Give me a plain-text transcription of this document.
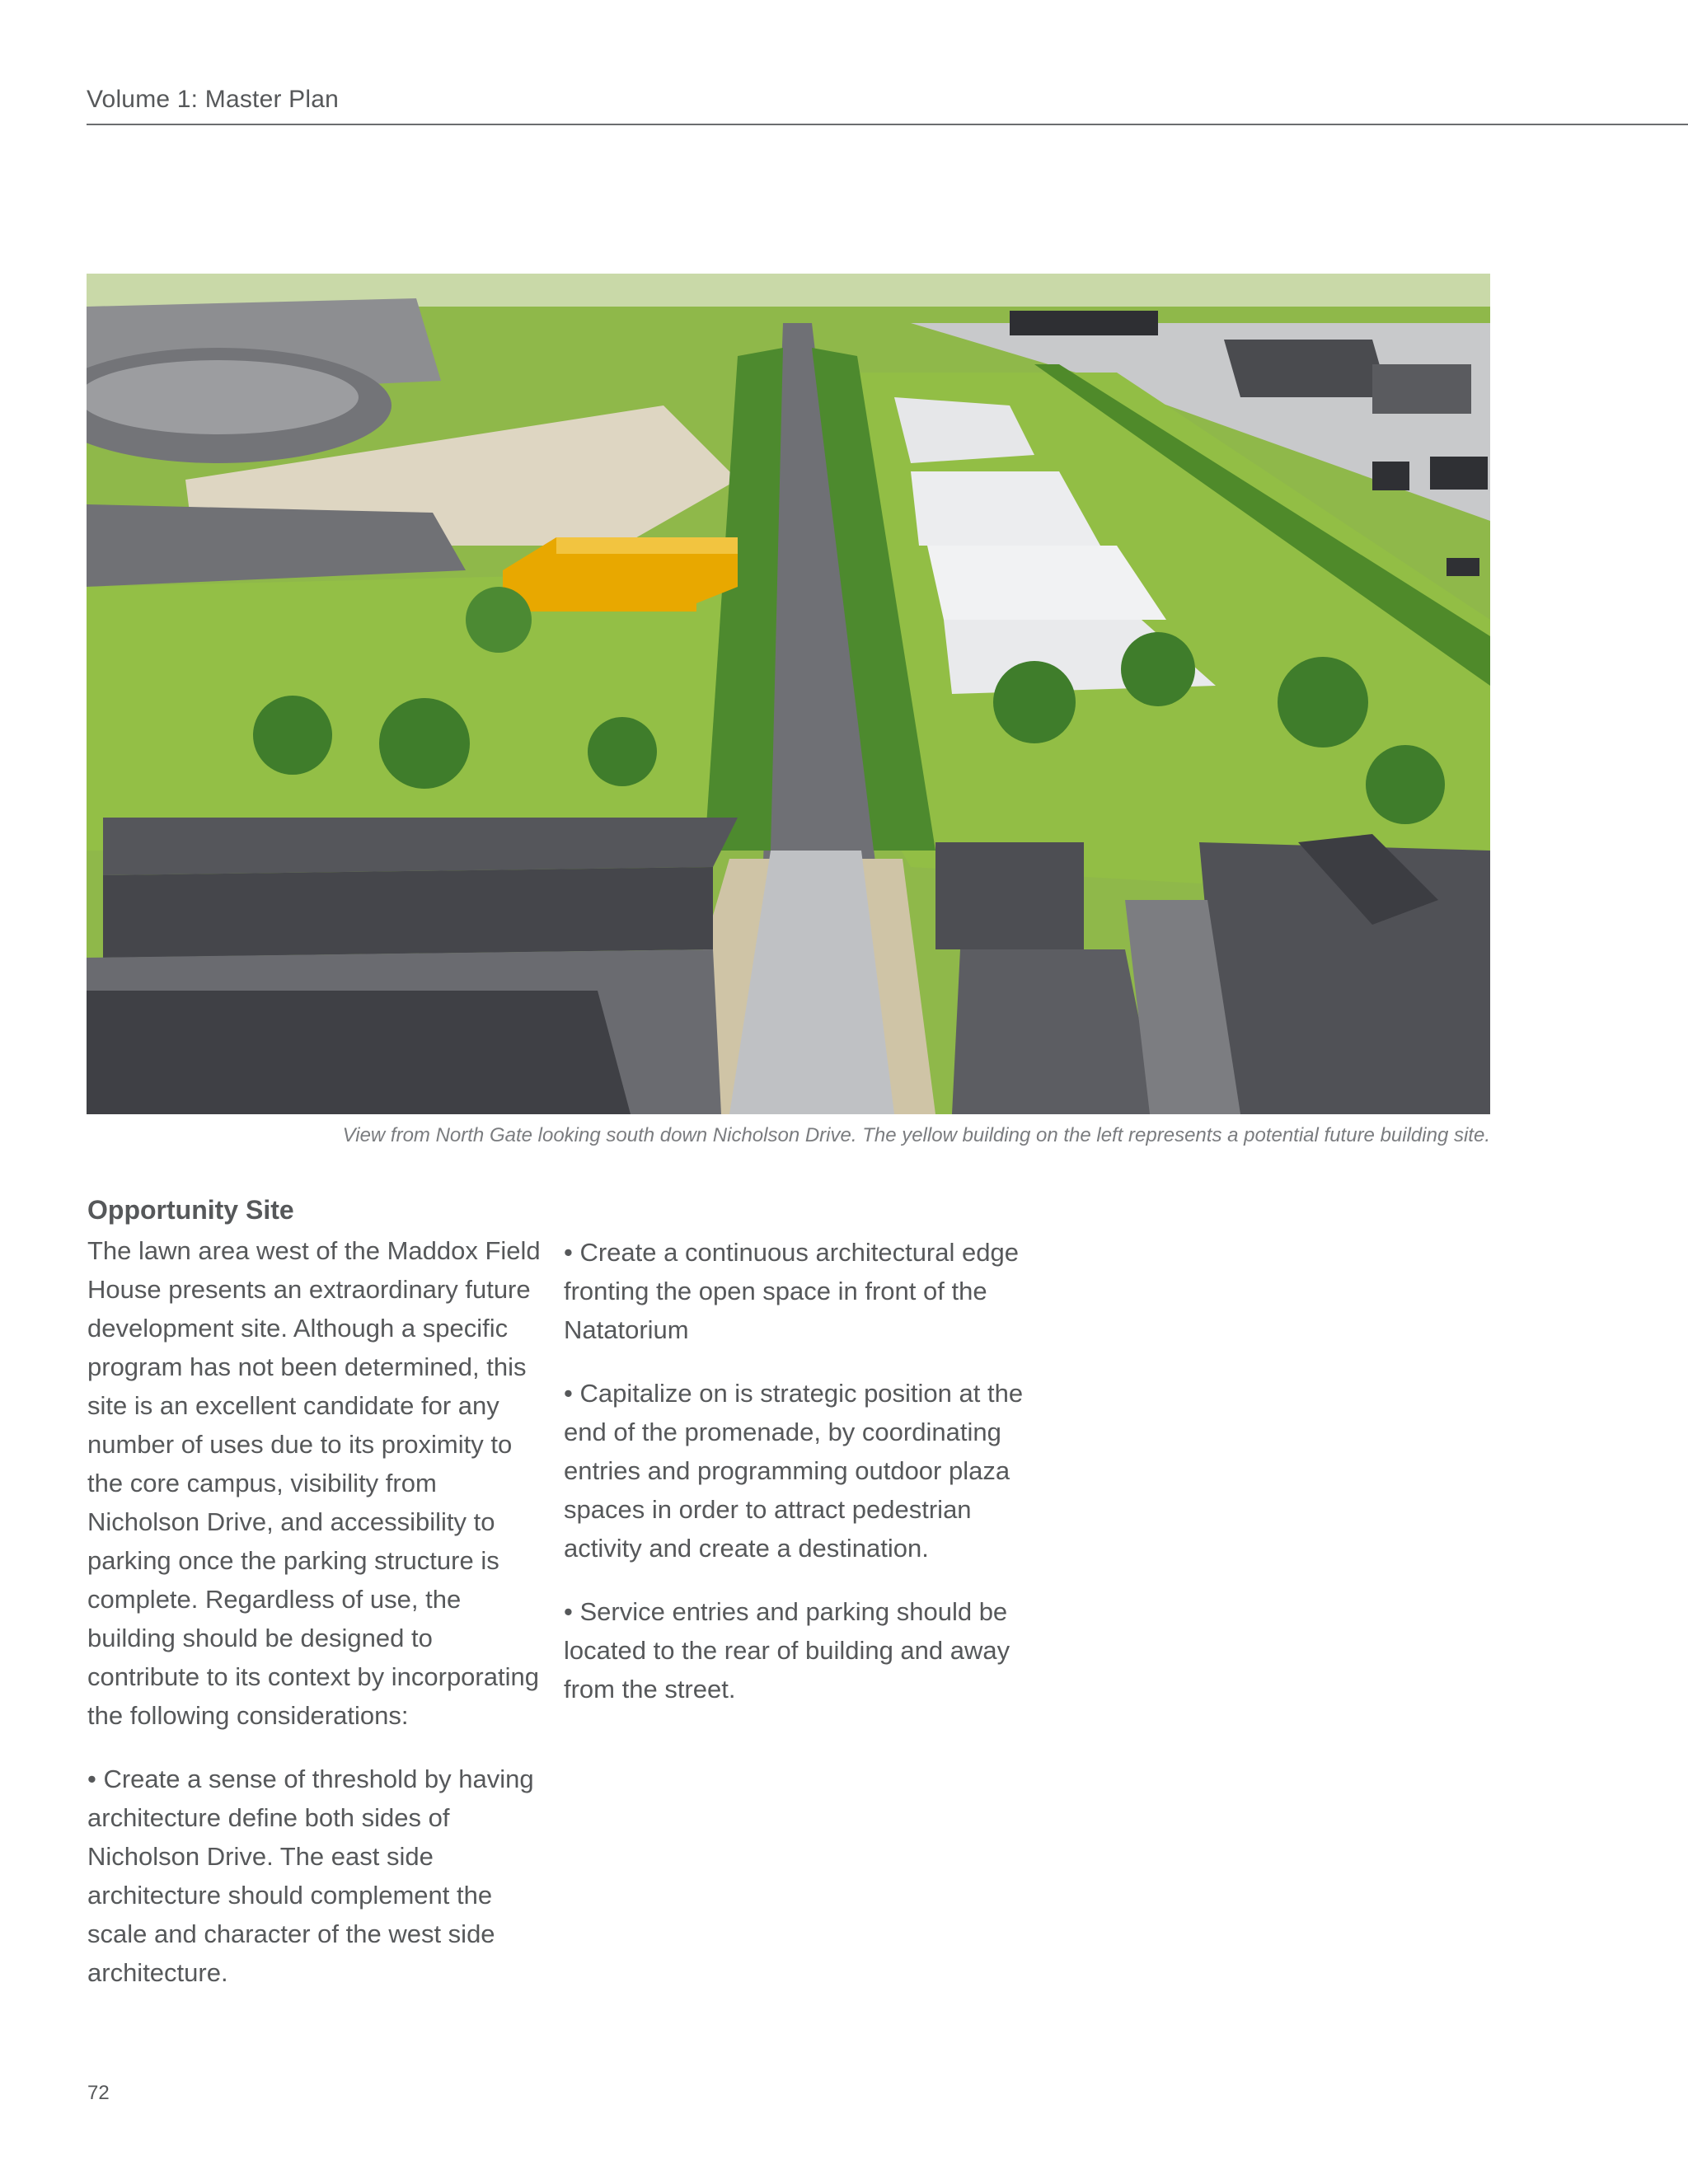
Volume 1: Master Plan
View from North Gate looking south down Nicholson Drive. The yellow building on the left represents a potential future building site.
Opportunity Site

The lawn area west of the Maddox Field House presents an extraordinary future development site. Although a specific program has not been determined, this site is an excellent candidate for any number of uses due to its proximity to the core campus, visibility from Nicholson Drive, and accessibility to parking once the parking structure is complete. Regardless of use, the building should be designed to contribute to its context by incorporating the following considerations:

• Create a sense of threshold by having architecture define both sides of Nicholson Drive. The east side architecture should complement the scale and character of the west side architecture.

• Create a continuous architectural edge fronting the open space in front of the Natatorium

• Capitalize on is strategic position at the end of the promenade, by coordinating entries and programming outdoor plaza spaces in order to attract pedestrian activity and create a destination.

• Service entries and parking should be located to the rear of building and away from the street.

72
